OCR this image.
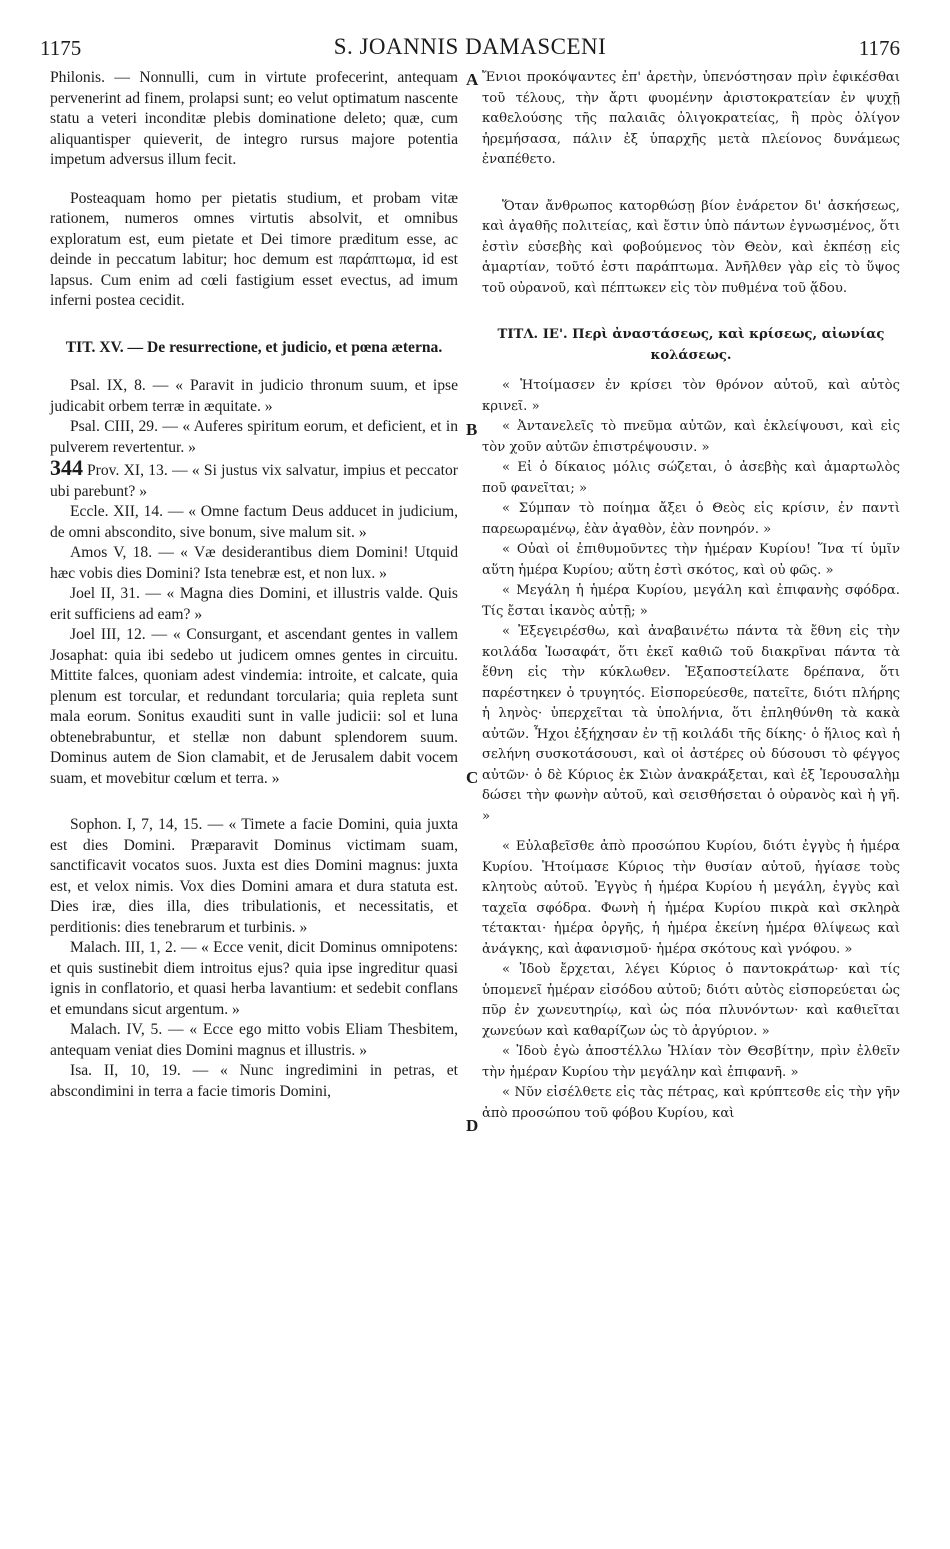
1175	S. JOANNIS DAMASCENI	1176
A
B
C
D

Philonis. — Nonnulli, cum in virtute profecerint, antequam pervenerint ad finem, prolapsi sunt; eo velut optimatum nascente statu a veteri inconditæ plebis dominatione deleto; quæ, cum aliquantisper quieverit, de integro rursus majore potentia impetum adversus illum fecit.

Posteaquam homo per pietatis studium, et probam vitæ rationem, numeros omnes virtutis absolvit, et omnibus exploratum est, eum pietate et Dei timore præditum esse, ac deinde in peccatum labitur; hoc demum est παράπτωμα, id est lapsus. Cum enim ad cœli fastigium esset evectus, ad imum inferni postea cecidit.

TIT. XV. — De resurrectione, et judicio, et pœna æterna.

Psal. IX, 8. — « Paravit in judicio thronum suum, et ipse judicabit orbem terræ in æquitate. »

Psal. CIII, 29. — « Auferes spiritum eorum, et deficient, et in pulverem revertentur. »

344 Prov. XI, 13. — « Si justus vix salvatur, impius et peccator ubi parebunt? »

Eccle. XII, 14. — « Omne factum Deus adducet in judicium, de omni abscondito, sive bonum, sive malum sit. »

Amos V, 18. — « Væ desiderantibus diem Domini! Utquid hæc vobis dies Domini? Ista tenebræ est, et non lux. »

Joel II, 31. — « Magna dies Domini, et illustris valde. Quis erit sufficiens ad eam? »

Joel III, 12. — « Consurgant, et ascendant gentes in vallem Josaphat: quia ibi sedebo ut judicem omnes gentes in circuitu. Mittite falces, quoniam adest vindemia: introite, et calcate, quia plenum est torcular, et redundant torcularia; quia repleta sunt mala eorum. Sonitus exauditi sunt in valle judicii: sol et luna obtenebrabuntur, et stellæ non dabunt splendorem suum. Dominus autem de Sion clamabit, et de Jerusalem dabit vocem suam, et movebitur cœlum et terra. »

Sophon. I, 7, 14, 15. — « Timete a facie Domini, quia juxta est dies Domini. Præparavit Dominus victimam suam, sanctificavit vocatos suos. Juxta est dies Domini magnus: juxta est, et velox nimis. Vox dies Domini amara et dura statuta est. Dies iræ, dies illa, dies tribulationis, et necessitatis, et perditionis: dies tenebrarum et turbinis. »

Malach. III, 1, 2. — « Ecce venit, dicit Dominus omnipotens: et quis sustinebit diem introitus ejus? quia ipse ingreditur quasi ignis in conflatorio, et quasi herba lavantium: et sedebit conflans et emundans sicut argentum. »

Malach. IV, 5. — « Ecce ego mitto vobis Eliam Thesbitem, antequam veniat dies Domini magnus et illustris. »

Isa. II, 10, 19. — « Nunc ingredimini in petras, et abscondimini in terra a facie timoris Domini,

Ἔνιοι προκόψαντες ἐπ' ἀρετὴν, ὑπενόστησαν πρὶν ἐφικέσθαι τοῦ τέλους, τὴν ἄρτι φυομένην ἀριστοκρατείαν ἐν ψυχῇ καθελούσης τῆς παλαιᾶς ὀλιγοκρατείας, ἣ πρὸς ὀλίγον ἠρεμήσασα, πάλιν ἐξ ὑπαρχῆς μετὰ πλείονος δυνάμεως ἐναπέθετο.

Ὅταν ἄνθρωπος κατορθώσῃ βίον ἐνάρετον δι' ἀσκήσεως, καὶ ἀγαθῆς πολιτείας, καὶ ἔστιν ὑπὸ πάντων ἐγνωσμένος, ὅτι ἐστὶν εὐσεβὴς καὶ φοβούμενος τὸν Θεὸν, καὶ ἐκπέσῃ εἰς ἁμαρτίαν, τοῦτό ἐστι παράπτωμα. Ἀνῆλθεν γὰρ εἰς τὸ ὕψος τοῦ οὐρανοῦ, καὶ πέπτωκεν εἰς τὸν πυθμένα τοῦ ᾅδου.

ΤΙΤΛ. ΙΕ'. Περὶ ἀναστάσεως, καὶ κρίσεως, αἰωνίας κολάσεως.

« Ἡτοίμασεν ἐν κρίσει τὸν θρόνον αὐτοῦ, καὶ αὐτὸς κρινεῖ. »

« Ἀντανελεῖς τὸ πνεῦμα αὐτῶν, καὶ ἐκλείψουσι, καὶ εἰς τὸν χοῦν αὐτῶν ἐπιστρέψουσιν. »

« Εἰ ὁ δίκαιος μόλις σώζεται, ὁ ἀσεβὴς καὶ ἁμαρτωλὸς ποῦ φανεῖται; »

« Σύμπαν τὸ ποίημα ἄξει ὁ Θεὸς εἰς κρίσιν, ἐν παντὶ παρεωραμένῳ, ἐὰν ἀγαθὸν, ἐὰν πονηρόν. »

« Οὐαὶ οἱ ἐπιθυμοῦντες τὴν ἡμέραν Κυρίου! Ἵνα τί ὑμῖν αὕτη ἡμέρα Κυρίου; αὕτη ἐστὶ σκότος, καὶ οὐ φῶς. »

« Μεγάλη ἡ ἡμέρα Κυρίου, μεγάλη καὶ ἐπιφανὴς σφόδρα. Τίς ἔσται ἱκανὸς αὐτῇ; »

« Ἐξεγειρέσθω, καὶ ἀναβαινέτω πάντα τὰ ἔθνη εἰς τὴν κοιλάδα Ἰωσαφάτ, ὅτι ἐκεῖ καθιῶ τοῦ διακρῖναι πάντα τὰ ἔθνη εἰς τὴν κύκλωθεν. Ἐξαποστείλατε δρέπανα, ὅτι παρέστηκεν ὁ τρυγητός. Εἰσπορεύεσθε, πατεῖτε, διότι πλήρης ἡ ληνὸς· ὑπερχεῖται τὰ ὑπολήνια, ὅτι ἐπληθύνθη τὰ κακὰ αὐτῶν. Ἦχοι ἐξήχησαν ἐν τῇ κοιλάδι τῆς δίκης· ὁ ἥλιος καὶ ἡ σελήνη συσκοτάσουσι, καὶ οἱ ἀστέρες οὐ δύσουσι τὸ φέγγος αὐτῶν· ὁ δὲ Κύριος ἐκ Σιὼν ἀνακράξεται, καὶ ἐξ Ἱερουσαλὴμ δώσει τὴν φωνὴν αὐτοῦ, καὶ σεισθήσεται ὁ οὐρανὸς καὶ ἡ γῆ. »

« Εὐλαβεῖσθε ἀπὸ προσώπου Κυρίου, διότι ἐγγὺς ἡ ἡμέρα Κυρίου. Ἡτοίμασε Κύριος τὴν θυσίαν αὐτοῦ, ἡγίασε τοὺς κλητοὺς αὐτοῦ. Ἐγγὺς ἡ ἡμέρα Κυρίου ἡ μεγάλη, ἐγγὺς καὶ ταχεῖα σφόδρα. Φωνὴ ἡ ἡμέρα Κυρίου πικρὰ καὶ σκληρὰ τέτακται· ἡμέρα ὀργῆς, ἡ ἡμέρα ἐκείνη ἡμέρα θλίψεως καὶ ἀνάγκης, καὶ ἀφανισμοῦ· ἡμέρα σκότους καὶ γνόφου. »

« Ἰδοὺ ἔρχεται, λέγει Κύριος ὁ παντοκράτωρ· καὶ τίς ὑπομενεῖ ἡμέραν εἰσόδου αὐτοῦ; διότι αὐτὸς εἰσπορεύεται ὡς πῦρ ἐν χωνευτηρίῳ, καὶ ὡς πόα πλυνόντων· καὶ καθιεῖται χωνεύων καὶ καθαρίζων ὡς τὸ ἀργύριον. »

« Ἰδοὺ ἐγὼ ἀποστέλλω Ἠλίαν τὸν Θεσβίτην, πρὶν ἐλθεῖν τὴν ἡμέραν Κυρίου τὴν μεγάλην καὶ ἐπιφανῆ. »

« Νῦν εἰσέλθετε εἰς τὰς πέτρας, καὶ κρύπτεσθε εἰς τὴν γῆν ἀπὸ προσώπου τοῦ φόβου Κυρίου, καὶ
